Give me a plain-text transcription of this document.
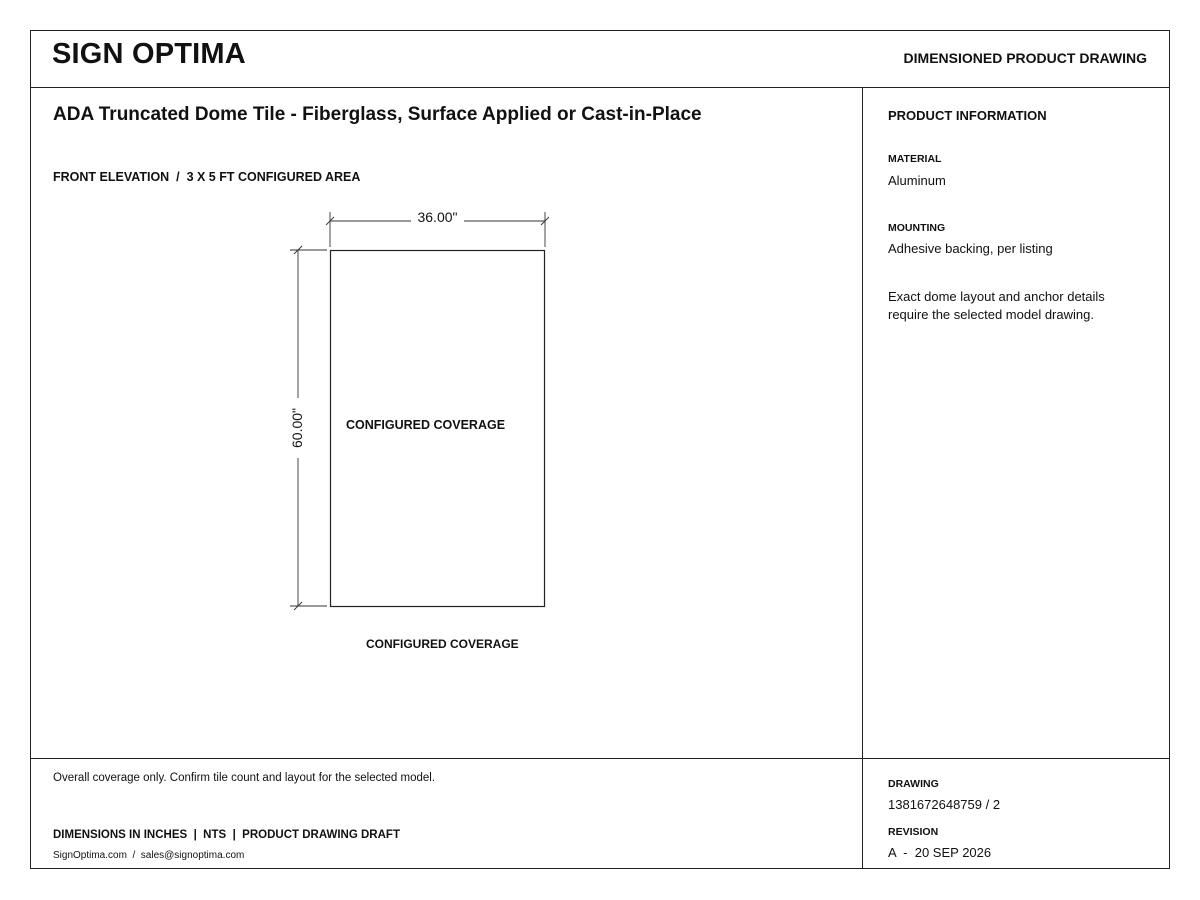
SIGN OPTIMA	DIMENSIONED PRODUCT DRAWING
ADA Truncated Dome Tile - Fiberglass, Surface Applied or Cast-in-Place
FRONT ELEVATION  /  3 X 5 FT CONFIGURED AREA
36.00"
60.00"	CONFIGURED COVERAGE
CONFIGURED COVERAGE
PRODUCT INFORMATION
MATERIAL
Aluminum
MOUNTING
Adhesive backing, per listing
Exact dome layout and anchor details require the selected model drawing.
Overall coverage only. Confirm tile count and layout for the selected model.
DIMENSIONS IN INCHES  |  NTS  |  PRODUCT DRAWING DRAFT
SignOptima.com  /  sales@signoptima.com
DRAWING
1381672648759 / 2
REVISION
A  -  20 SEP 2026
